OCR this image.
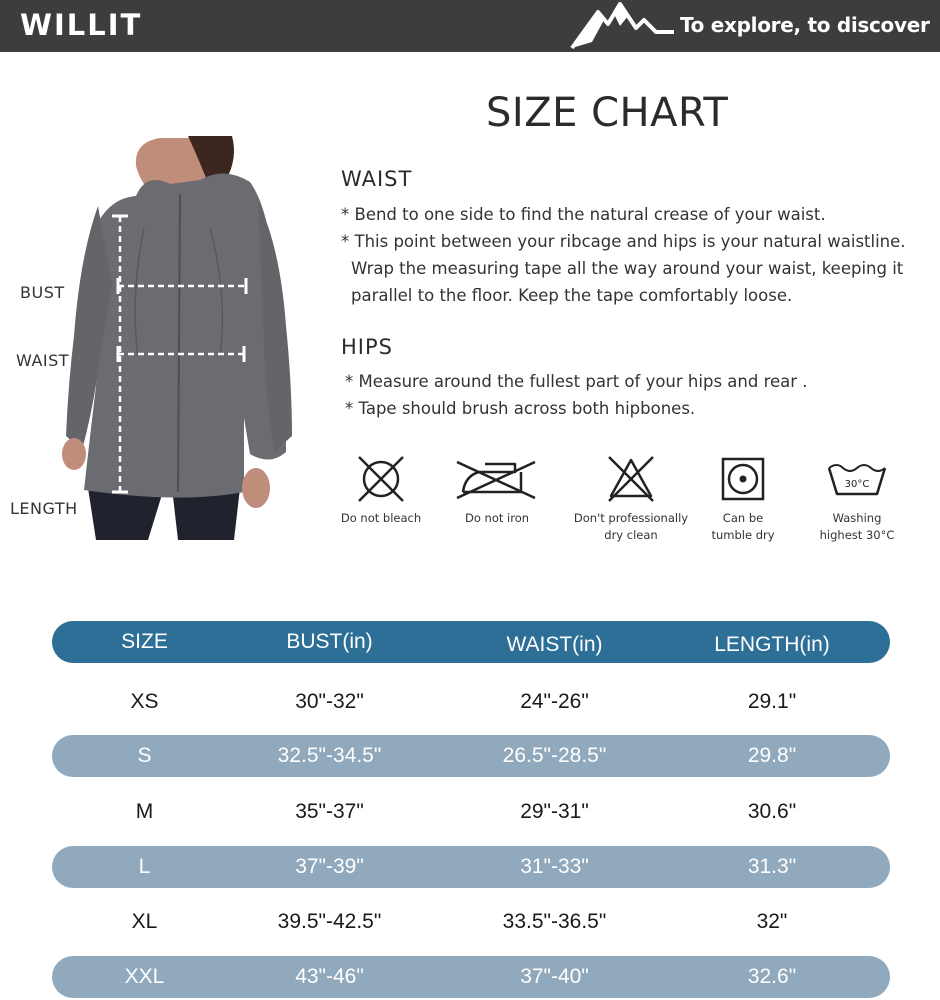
WILLIT	To explore, to discover
SIZE CHART
BUST
WAIST
LENGTH
WAIST
* Bend to one side to find the natural crease of your waist.
* This point between your ribcage and hips is your natural waistline.
Wrap the measuring tape all the way around your waist, keeping it
parallel to the floor. Keep the tape comfortably loose.
HIPS
* Measure around the fullest part of your hips and rear .
* Tape should brush across both hipbones.
Do not bleach	Do not iron	Don't professionally
dry clean
Can be
tumble dry
30°C
Washing
highest 30°C
SIZE	BUST(in)	WAIST(in)	LENGTH(in)
XS	30"-32"	24"-26"	29.1"
S	32.5"-34.5"	26.5"-28.5"	29.8"
M	35"-37"	29"-31"	30.6"
L	37"-39"	31"-33"	31.3"
XL	39.5"-42.5"	33.5"-36.5"	32"
XXL	43"-46"	37"-40"	32.6"
